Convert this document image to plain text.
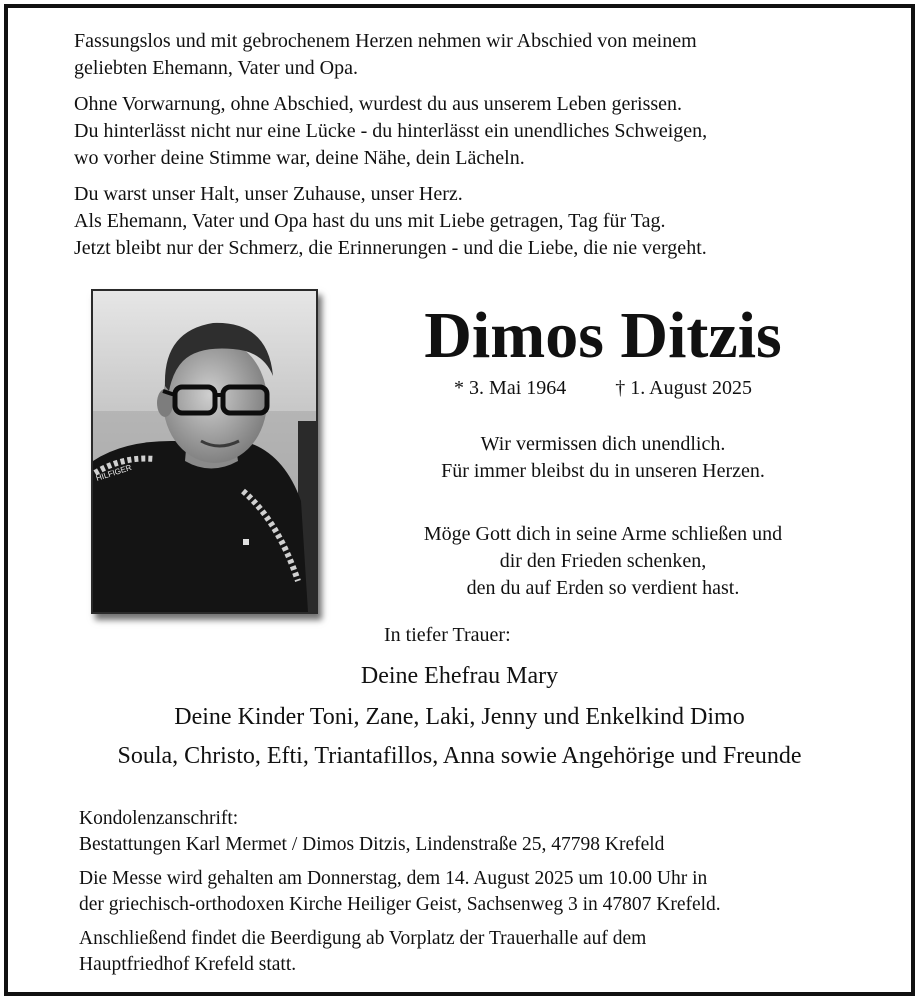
Fassungslos und mit gebrochenem Herzen nehmen wir Abschied von meinem
geliebten Ehemann, Vater und Opa.

Ohne Vorwarnung, ohne Abschied, wurdest du aus unserem Leben gerissen.
Du hinterlässt nicht nur eine Lücke - du hinterlässt ein unendliches Schweigen,
wo vorher deine Stimme war, deine Nähe, dein Lächeln.

Du warst unser Halt, unser Zuhause, unser Herz.
Als Ehemann, Vater und Opa hast du uns mit Liebe getragen, Tag für Tag.
Jetzt bleibt nur der Schmerz, die Erinnerungen - und die Liebe, die nie vergeht.

HILFIGER
Dimos Ditzis
* 3. Mai 1964 † 1. August 2025
Wir vermissen dich unendlich.
Für immer bleibst du in unseren Herzen.
Möge Gott dich in seine Arme schließen und
dir den Frieden schenken,
den du auf Erden so verdient hast.
In tiefer Trauer:
Deine Ehefrau Mary
Deine Kinder Toni, Zane, Laki, Jenny und Enkelkind Dimo
Soula, Christo, Efti, Triantafillos, Anna sowie Angehörige und Freunde

Kondolenzanschrift:
Bestattungen Karl Mermet / Dimos Ditzis, Lindenstraße 25, 47798 Krefeld

Die Messe wird gehalten am Donnerstag, dem 14. August 2025 um 10.00 Uhr in
der griechisch-orthodoxen Kirche Heiliger Geist, Sachsenweg 3 in 47807 Krefeld.

Anschließend findet die Beerdigung ab Vorplatz der Trauerhalle auf dem
Hauptfriedhof Krefeld statt.
